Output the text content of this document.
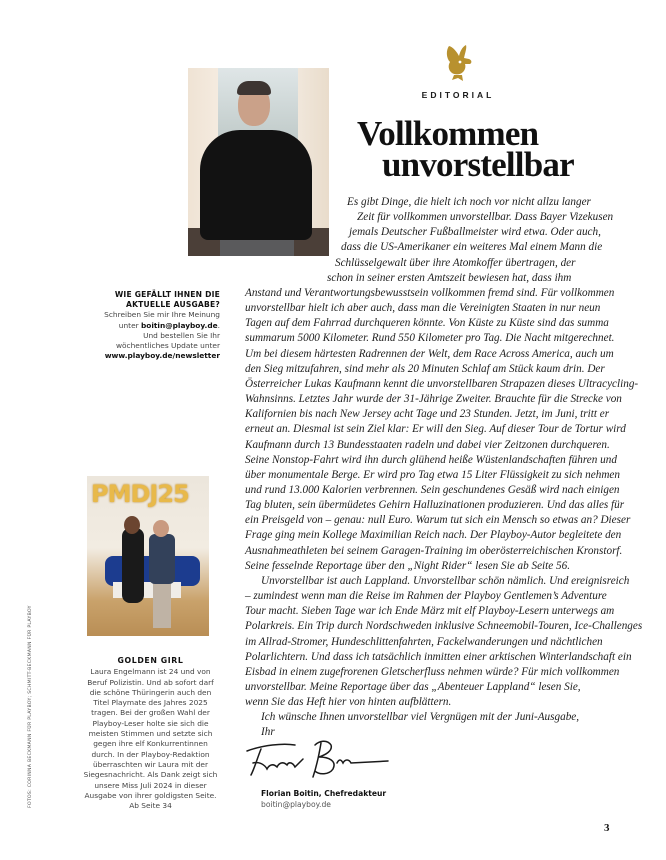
EDITORIAL
Vollkommen
unvorstellbar
WIE GEFÄLLT IHNEN DIE
AKTUELLE AUSGABE?
Schreiben Sie mir Ihre Meinung
unter boitin@playboy.de.
Und bestellen Sie Ihr
wöchentliches Update unter
www.playboy.de/newsletter
PMDJ25
FOTOS: CORINNA BECKMANN FÜR PLAYBOY; SCHMITT-BECKMANN FÜR PLAYBOY	GOLDEN GIRL
Laura Engelmann ist 24 und von
Beruf Polizistin. Und ab sofort darf
die schöne Thüringerin auch den
Titel Playmate des Jahres 2025
tragen. Bei der großen Wahl der
Playboy-Leser holte sie sich die
meisten Stimmen und setzte sich
gegen ihre elf Konkurrentinnen
durch. In der Playboy-Redaktion
überraschten wir Laura mit der
Siegesnachricht. Als Dank zeigt sich
unsere Miss Juli 2024 in dieser
Ausgabe von ihrer goldigsten Seite.
Ab Seite 34
Es gibt Dinge, die hielt ich noch vor nicht allzu langer
Zeit für vollkommen unvorstellbar. Dass Bayer Vizekusen
jemals Deutscher Fußballmeister wird etwa. Oder auch,
dass die US-Amerikaner ein weiteres Mal einem Mann die
Schlüsselgewalt über ihre Atomkoffer übertragen, der
schon in seiner ersten Amtszeit bewiesen hat, dass ihm
Anstand und Verantwortungsbewusstsein vollkommen fremd sind. Für vollkommen
unvorstellbar hielt ich aber auch, dass man die Vereinigten Staaten in nur neun
Tagen auf dem Fahrrad durchqueren könnte. Von Küste zu Küste sind das summa
summarum 5000 Kilometer. Rund 550 Kilometer pro Tag. Die Nacht mitgerechnet.
Um bei diesem härtesten Radrennen der Welt, dem Race Across America, auch um
den Sieg mitzufahren, sind mehr als 20 Minuten Schlaf am Stück kaum drin. Der
Österreicher Lukas Kaufmann kennt die unvorstellbaren Strapazen dieses Ultracycling-
Wahnsinns. Letztes Jahr wurde der 31-Jährige Zweiter. Brauchte für die Strecke von
Kalifornien bis nach New Jersey acht Tage und 23 Stunden. Jetzt, im Juni, tritt er
erneut an. Diesmal ist sein Ziel klar: Er will den Sieg. Auf dieser Tour de Tortur wird
Kaufmann durch 13 Bundesstaaten radeln und dabei vier Zeitzonen durchqueren.
Seine Nonstop-Fahrt wird ihn durch glühend heiße Wüstenlandschaften führen und
über monumentale Berge. Er wird pro Tag etwa 15 Liter Flüssigkeit zu sich nehmen
und rund 13.000 Kalorien verbrennen. Sein geschundenes Gesäß wird nach einigen
Tag bluten, sein übermüdetes Gehirn Halluzinationen produzieren. Und das alles für
ein Preisgeld von – genau: null Euro. Warum tut sich ein Mensch so etwas an? Dieser
Frage ging mein Kollege Maximilian Reich nach. Der Playboy-Autor begleitete den
Ausnahmeathleten bei seinem Garagen-Training im oberösterreichischen Kronstorf.
Seine fesselnde Reportage über den „Night Rider“ lesen Sie ab Seite 56.
Unvorstellbar ist auch Lappland. Unvorstellbar schön nämlich. Und ereignisreich
– zumindest wenn man die Reise im Rahmen der Playboy Gentlemen’s Adventure
Tour macht. Sieben Tage war ich Ende März mit elf Playboy-Lesern unterwegs am
Polarkreis. Ein Trip durch Nordschweden inklusive Schneemobil-Touren, Ice-Challenges
im Allrad-Stromer, Hundeschlittenfahrten, Fackelwanderungen und nächtlichen
Polarlichtern. Und dass ich tatsächlich inmitten einer arktischen Winterlandschaft ein
Eisbad in einem zugefrorenen Gletscherfluss nehmen würde? Für mich vollkommen
unvorstellbar. Meine Reportage über das „Abenteuer Lappland“ lesen Sie,
wenn Sie das Heft hier von hinten aufblättern.
Ich wünsche Ihnen unvorstellbar viel Vergnügen mit der Juni-Ausgabe,
Ihr
Florian Boitin, Chefredakteur
boitin@playboy.de
3
